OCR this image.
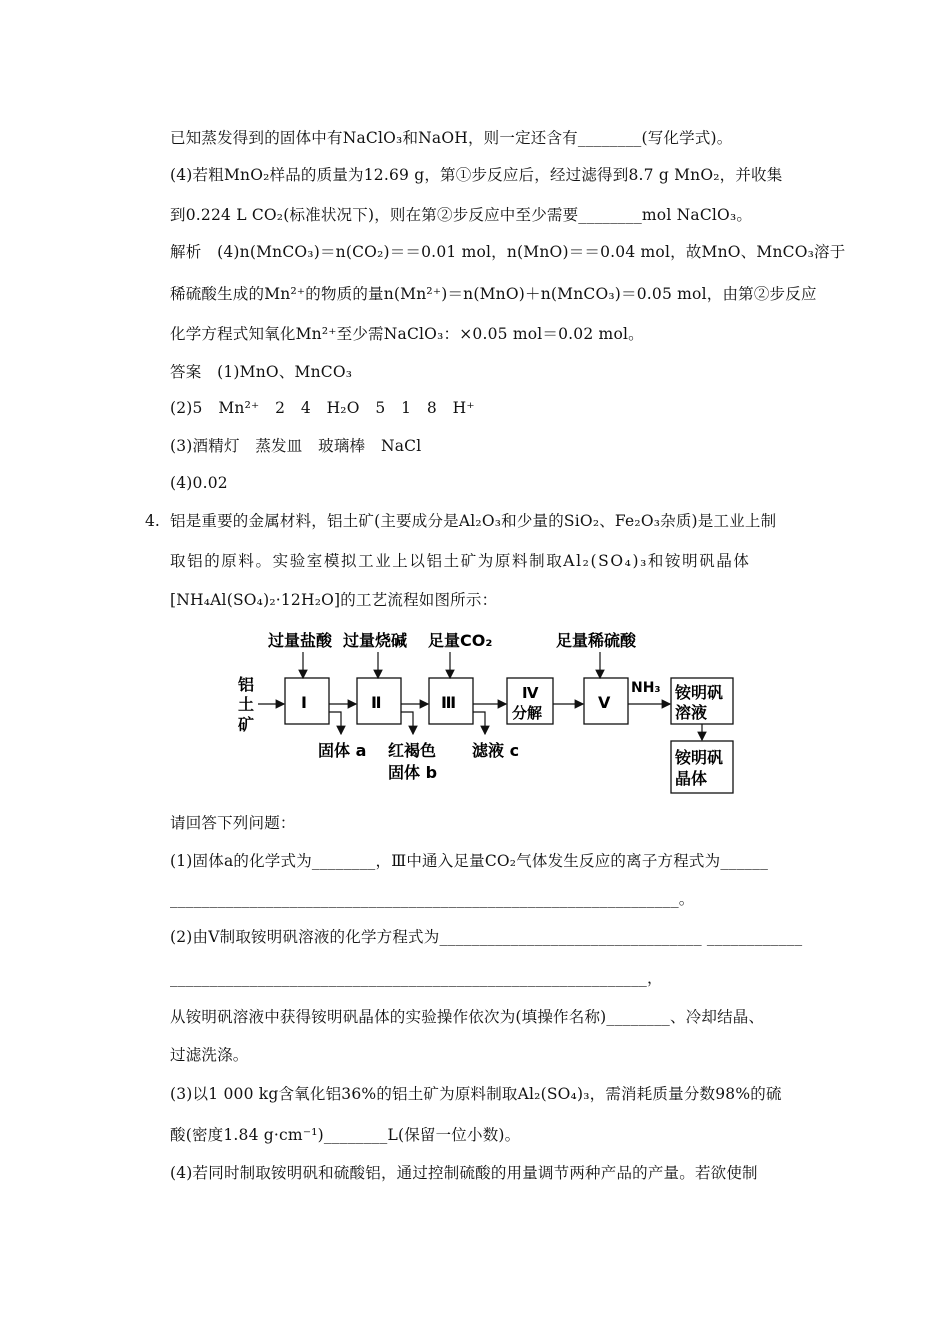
已知蒸发得到的固体中有NaClO₃和NaOH，则一定还含有________(写化学式)。
(4)若粗MnO₂样品的质量为12.69 g，第①步反应后，经过滤得到8.7 g MnO₂，并收集
到0.224 L CO₂(标准状况下)，则在第②步反应中至少需要________mol NaClO₃。
解析　(4)n(MnCO₃)＝n(CO₂)＝＝0.01 mol，n(MnO)＝＝0.04 mol，故MnO、MnCO₃溶于
稀硫酸生成的Mn²⁺的物质的量n(Mn²⁺)＝n(MnO)＋n(MnCO₃)＝0.05 mol，由第②步反应
化学方程式知氧化Mn²⁺至少需NaClO₃：×0.05 mol＝0.02 mol。
答案　(1)MnO、MnCO₃
(2)5　Mn²⁺　2　4　H₂O　5　1　8　H⁺
(3)酒精灯　蒸发皿　玻璃棒　NaCl
(4)0.02
4. 铝是重要的金属材料，铝土矿(主要成分是Al₂O₃和少量的SiO₂、Fe₂O₃杂质)是工业上制
取铝的原料。实验室模拟工业上以铝土矿为原料制取Al₂(SO₄)₃和铵明矾晶体
[NH₄Al(SO₄)₂·12H₂O]的工艺流程如图所示：
过量盐酸 过量烧碱 足量CO₂	足量稀硫酸
铝
土
矿
Ⅰ	Ⅱ	Ⅲ	Ⅳ
分解
Ⅴ
NH₃ 铵明矾
溶液
铵明矾
晶体
固体 a 红褐色
固体 b
滤液 c
请回答下列问题：
(1)固体a的化学式为________，Ⅲ中通入足量CO₂气体发生反应的离子方程式为______
________________________________________________________________。
(2)由Ⅴ制取铵明矾溶液的化学方程式为_________________________________ ____________
____________________________________________________________，
从铵明矾溶液中获得铵明矾晶体的实验操作依次为(填操作名称)________、冷却结晶、
过滤洗涤。
(3)以1 000 kg含氧化铝36%的铝土矿为原料制取Al₂(SO₄)₃，需消耗质量分数98%的硫
酸(密度1.84 g·cm⁻¹)________L(保留一位小数)。
(4)若同时制取铵明矾和硫酸铝，通过控制硫酸的用量调节两种产品的产量。若欲使制
